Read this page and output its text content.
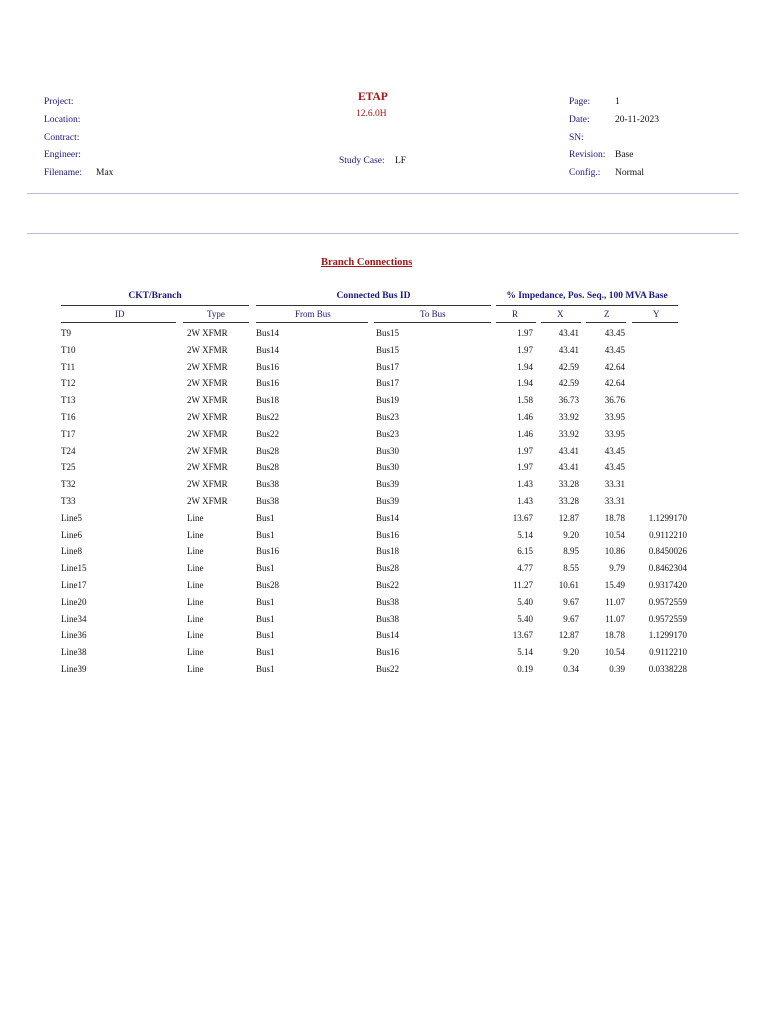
Project:
Location:
Contract:
Engineer:
Filename: Max
ETAP
12.6.0H
Study Case: LF
Page:	1
Date:	20-11-2023
SN:
Revision: Base
Config.: Normal
Branch Connections
CKT/Branch	Connected Bus ID	% Impedance, Pos. Seq., 100 MVA Base
ID	Type	From Bus	To Bus	R	X	Z	Y
T9	2W XFMR	Bus14	Bus15	1.97	43.41	43.45	
T10	2W XFMR	Bus14	Bus15	1.97	43.41	43.45	
T11	2W XFMR	Bus16	Bus17	1.94	42.59	42.64	
T12	2W XFMR	Bus16	Bus17	1.94	42.59	42.64	
T13	2W XFMR	Bus18	Bus19	1.58	36.73	36.76	
T16	2W XFMR	Bus22	Bus23	1.46	33.92	33.95	
T17	2W XFMR	Bus22	Bus23	1.46	33.92	33.95	
T24	2W XFMR	Bus28	Bus30	1.97	43.41	43.45	
T25	2W XFMR	Bus28	Bus30	1.97	43.41	43.45	
T32	2W XFMR	Bus38	Bus39	1.43	33.28	33.31	
T33	2W XFMR	Bus38	Bus39	1.43	33.28	33.31	
Line5	Line	Bus1	Bus14	13.67	12.87	18.78	1.1299170
Line6	Line	Bus1	Bus16	5.14	9.20	10.54	0.9112210
Line8	Line	Bus16	Bus18	6.15	8.95	10.86	0.8450026
Line15	Line	Bus1	Bus28	4.77	8.55	9.79	0.8462304
Line17	Line	Bus28	Bus22	11.27	10.61	15.49	0.9317420
Line20	Line	Bus1	Bus38	5.40	9.67	11.07	0.9572559
Line34	Line	Bus1	Bus38	5.40	9.67	11.07	0.9572559
Line36	Line	Bus1	Bus14	13.67	12.87	18.78	1.1299170
Line38	Line	Bus1	Bus16	5.14	9.20	10.54	0.9112210
Line39	Line	Bus1	Bus22	0.19	0.34	0.39	0.0338228
